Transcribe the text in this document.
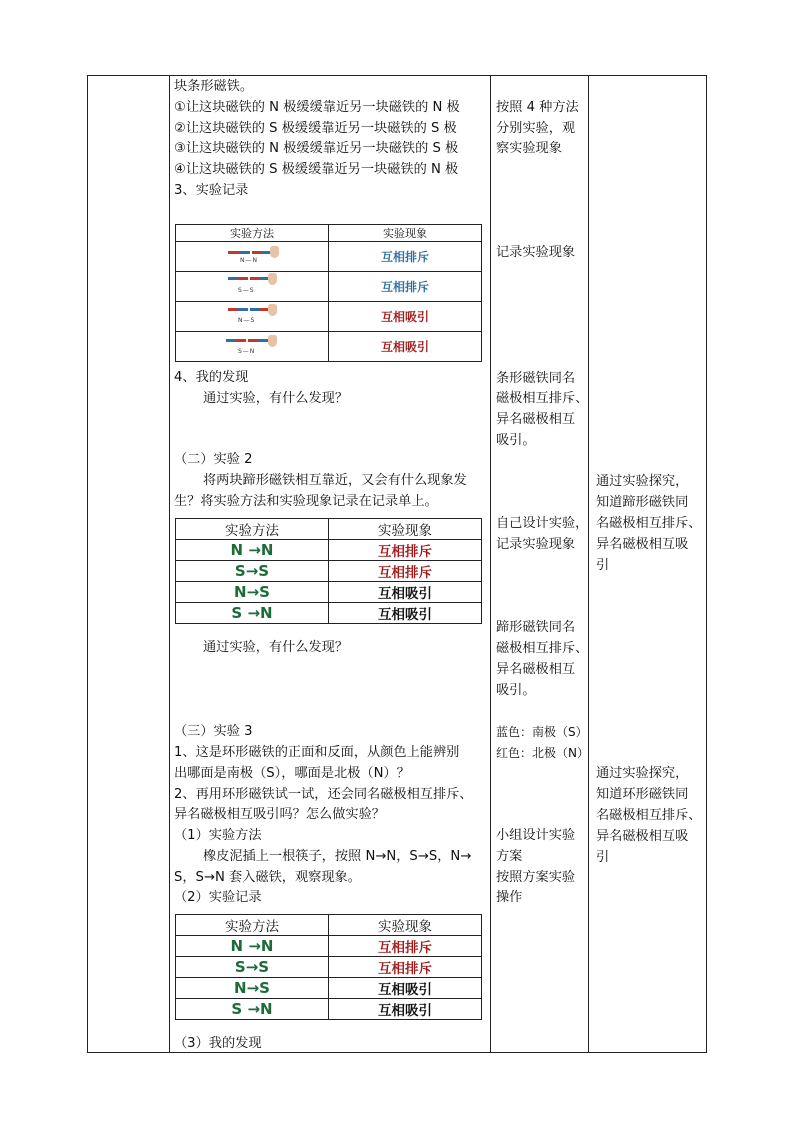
块条形磁铁。
①让这块磁铁的 N 极缓缓靠近另一块磁铁的 N 极
②让这块磁铁的 S 极缓缓靠近另一块磁铁的 S 极
③让这块磁铁的 N 极缓缓靠近另一块磁铁的 S 极
④让这块磁铁的 S 极缓缓靠近另一块磁铁的 N 极
3、实验记录
实验方法	实验现象

N—N	互相排斥

S—S	互相排斥

N—S	互相吸引

S—N	互相吸引
4、我的发现
通过实验，有什么发现？
（二）实验 2
将两块蹄形磁铁相互靠近，又会有什么现象发
生？将实验方法和实验现象记录在记录单上。
实验方法	实验现象
N →N	互相排斥
S→S	互相排斥
N→S	互相吸引
S →N	互相吸引
通过实验，有什么发现？
（三）实验 3
1、这是环形磁铁的正面和反面，从颜色上能辨别
出哪面是南极（S），哪面是北极（N）？
2、再用环形磁铁试一试，还会同名磁极相互排斥、
异名磁极相互吸引吗？怎么做实验？
（1）实验方法
橡皮泥插上一根筷子，按照 N→N，S→S，N→
S，S→N 套入磁铁，观察现象。
（2）实验记录
实验方法	实验现象
N →N	互相排斥
S→S	互相排斥
N→S	互相吸引
S →N	互相吸引
（3）我的发现
按照 4 种方法
分别实验，观
察实验现象
记录实验现象
条形磁铁同名
磁极相互排斥、
异名磁极相互
吸引。
自己设计实验，
记录实验现象
蹄形磁铁同名
磁极相互排斥、
异名磁极相互
吸引。
蓝色：南极（S）
红色：北极（N）
小组设计实验
方案
按照方案实验
操作
通过实验探究，
知道蹄形磁铁同
名磁极相互排斥、
异名磁极相互吸
引
通过实验探究，
知道环形磁铁同
名磁极相互排斥、
异名磁极相互吸
引
